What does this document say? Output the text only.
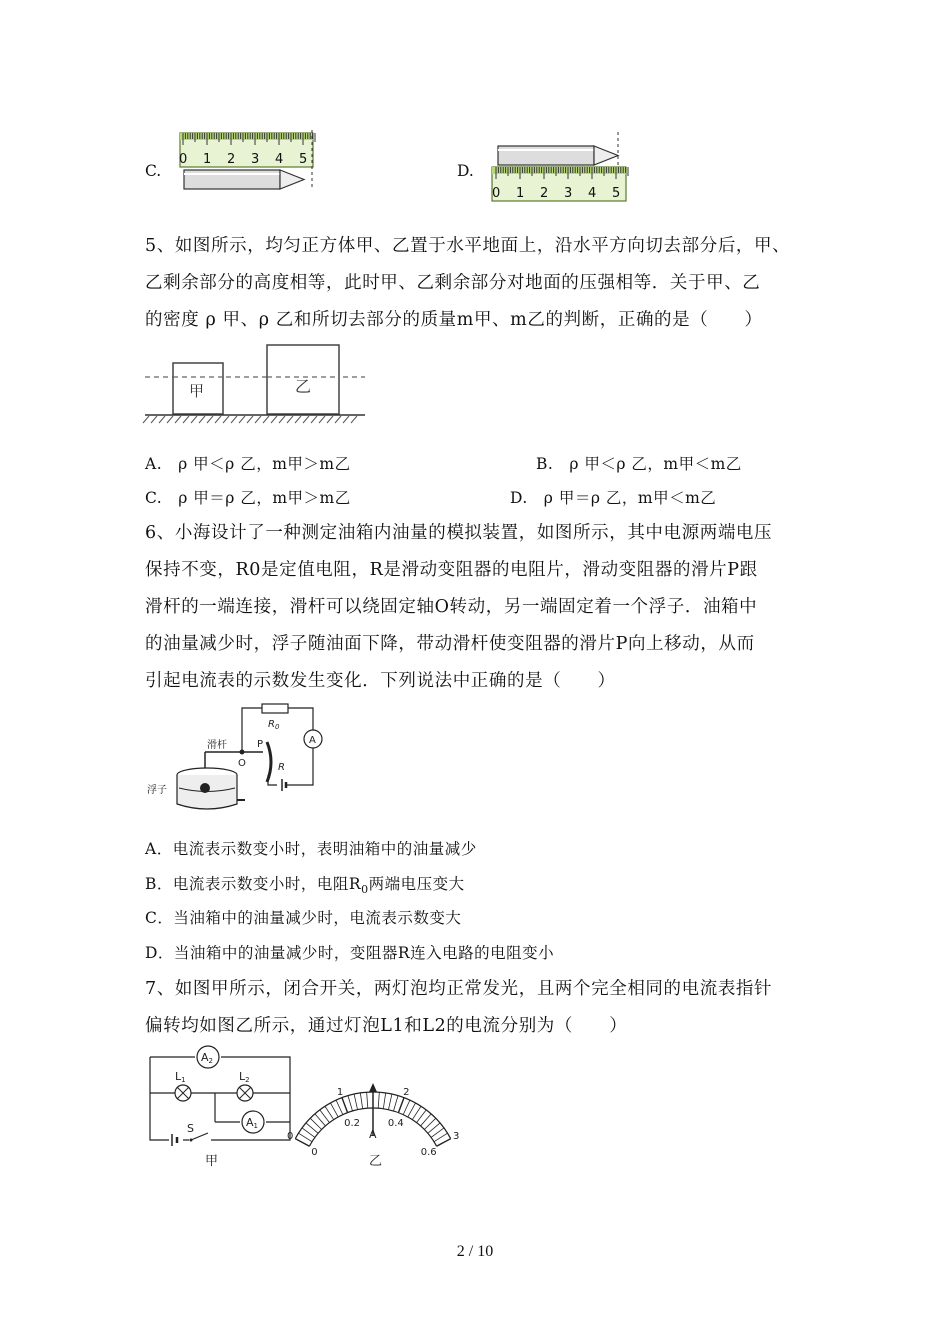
C.
0 1 2 3 4 5
D.
0 1 2 3 4 5
5、如图所示，均匀正方体甲、乙置于水平地面上，沿水平方向切去部分后，甲、
乙剩余部分的高度相等，此时甲、乙剩余部分对地面的压强相等．关于甲、乙
的密度 ρ 甲、ρ 乙和所切去部分的质量m甲、m乙的判断，正确的是（　　）
甲	乙
A.　ρ 甲＜ρ 乙，m甲＞m乙	B.　ρ 甲＜ρ 乙，m甲＜m乙
C.　ρ 甲＝ρ 乙，m甲＞m乙	D.　ρ 甲＝ρ 乙，m甲＜m乙
6、小海设计了一种测定油箱内油量的模拟装置，如图所示，其中电源两端电压
保持不变，R0是定值电阻，R是滑动变阻器的电阻片，滑动变阻器的滑片P跟
滑杆的一端连接，滑杆可以绕固定轴O转动，另一端固定着一个浮子．油箱中
的油量减少时，浮子随油面下降，带动滑杆使变阻器的滑片P向上移动，从而
引起电流表的示数发生变化．下列说法中正确的是（　　）
$R_0$
A
O
P
R
滑杆
浮子
A．电流表示数变小时，表明油箱中的油量减少
B．电流表示数变小时，电阻$R_0$两端电压变大
C．当油箱中的油量减少时，电流表示数变大
D．当油箱中的油量减少时，变阻器R连入电路的电阻变小
7、如图甲所示，闭合开关，两灯泡均正常发光，且两个完全相同的电流表指针
偏转均如图乙所示，通过灯泡L1和L2的电流分别为（　　）
A2
L1	L2
A1
S
甲
0
1	2
3
0
0.2	0.4
0.6
A
乙
2 / 10
